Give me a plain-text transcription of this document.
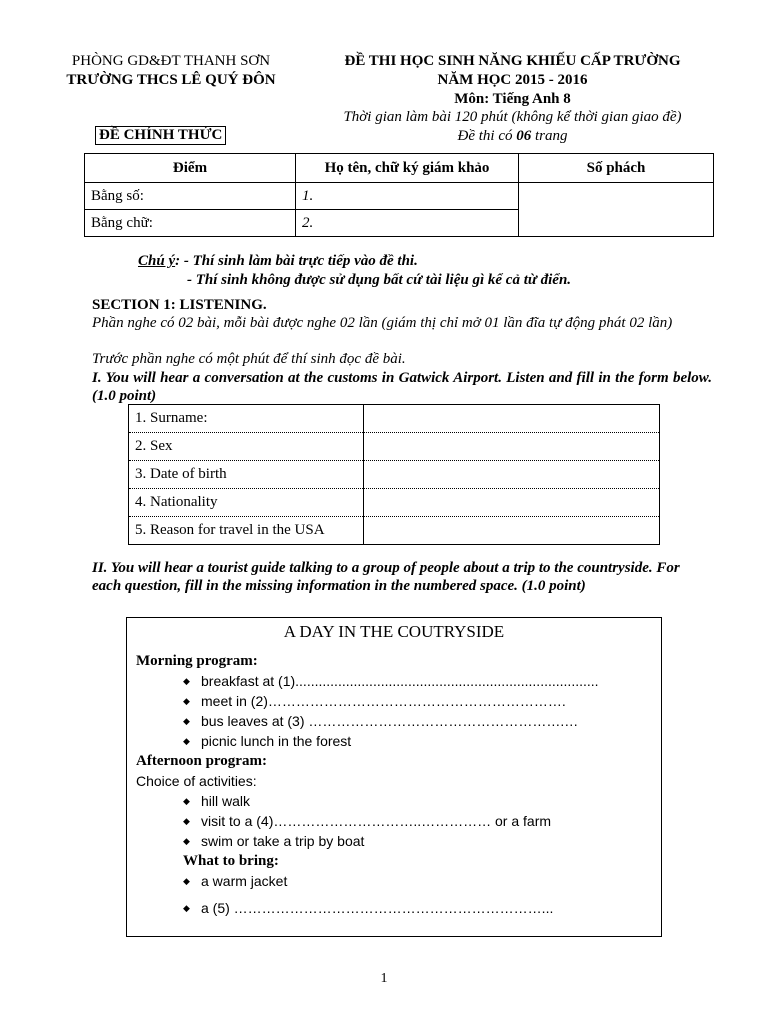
PHÒNG GD&ĐT THANH SƠN
TRƯỜNG THCS LÊ QUÝ ĐÔN
ĐỀ THI HỌC SINH NĂNG KHIẾU CẤP TRƯỜNG
NĂM HỌC 2015 - 2016
Môn: Tiếng Anh 8
Thời gian làm bài 120 phút (không kể thời gian giao đề)
Đề thi có 06 trang
ĐỀ CHÍNH THỨC
Điểm	Họ tên, chữ ký giám khảo	Số phách
Bằng số:	1.	
Bằng chữ:	2.	
Chú ý: - Thí sinh làm bài trực tiếp vào đề thi.
- Thí sinh không được sử dụng bất cứ tài liệu gì kể cả từ điển.
SECTION 1: LISTENING.
Phần nghe có 02 bài, mỗi bài được nghe 02 lần (giám thị chỉ mở 01 lần đĩa tự động phát 02 lần)
Trước phần nghe có một phút để thí sinh đọc đề bài.
I. You will hear a conversation at the customs in Gatwick Airport. Listen and fill in the form below. (1.0 point)
1. Surname:	
2. Sex	
3. Date of birth	
4. Nationality	
5. Reason for travel in the USA	
II. You will hear a tourist guide talking to a group of people about a trip to the countryside. For each question, fill in the missing information in the numbered space. (1.0 point)
A DAY IN THE COUTRYSIDE
Morning program:
◆ breakfast at (1)..............................................................................
◆ meet in (2)……………………………………………………….
◆ bus leaves at (3) ……………………………………………….…
◆ picnic lunch in the forest
Afternoon program:
Choice of activities:
◆ hill walk
◆ visit to a (4)…………………………..…………… or a farm
◆ swim or take a trip by boat
What to bring:
◆ a warm jacket
◆ a (5) …………………………………………………………...
1
